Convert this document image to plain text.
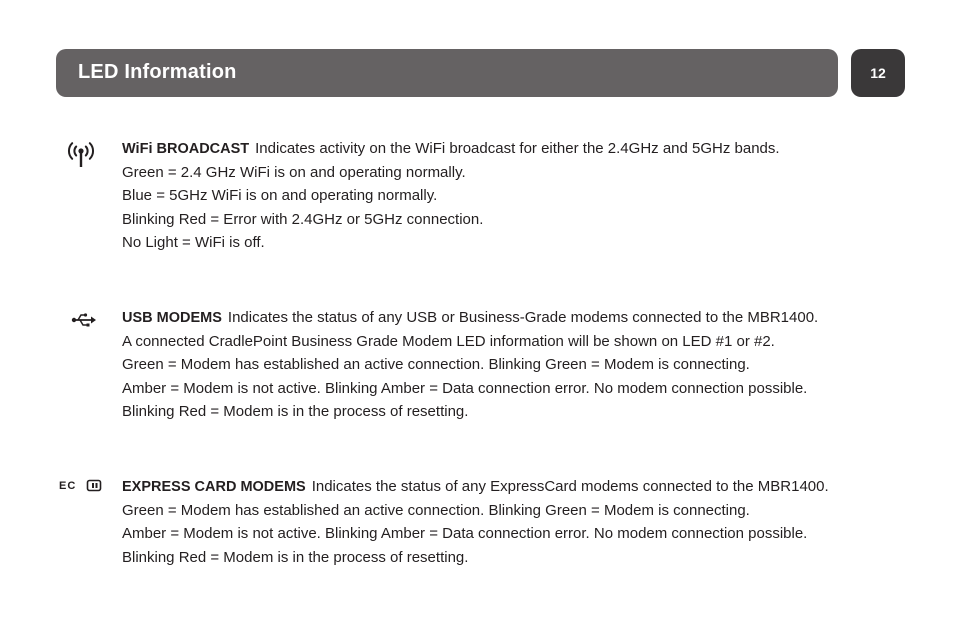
LED Information	12
WiFi BROADCAST Indicates activity on the WiFi broadcast for either the 2.4GHz and 5GHz bands.
Green = 2.4 GHz WiFi is on and operating normally.
Blue = 5GHz WiFi is on and operating normally.
Blinking Red = Error with 2.4GHz or 5GHz connection.
No Light = WiFi is off.
USB MODEMS Indicates the status of any USB or Business-Grade modems connected to the MBR1400.
A connected CradlePoint Business Grade Modem LED information will be shown on LED #1 or #2.
Green = Modem has established an active connection. Blinking Green = Modem is connecting.
Amber = Modem is not active. Blinking Amber = Data connection error. No modem connection possible.
Blinking Red = Modem is in the process of resetting.
EC	EXPRESS CARD MODEMS Indicates the status of any ExpressCard modems connected to the MBR1400.
Green = Modem has established an active connection. Blinking Green = Modem is connecting.
Amber = Modem is not active. Blinking Amber = Data connection error. No modem connection possible.
Blinking Red = Modem is in the process of resetting.
